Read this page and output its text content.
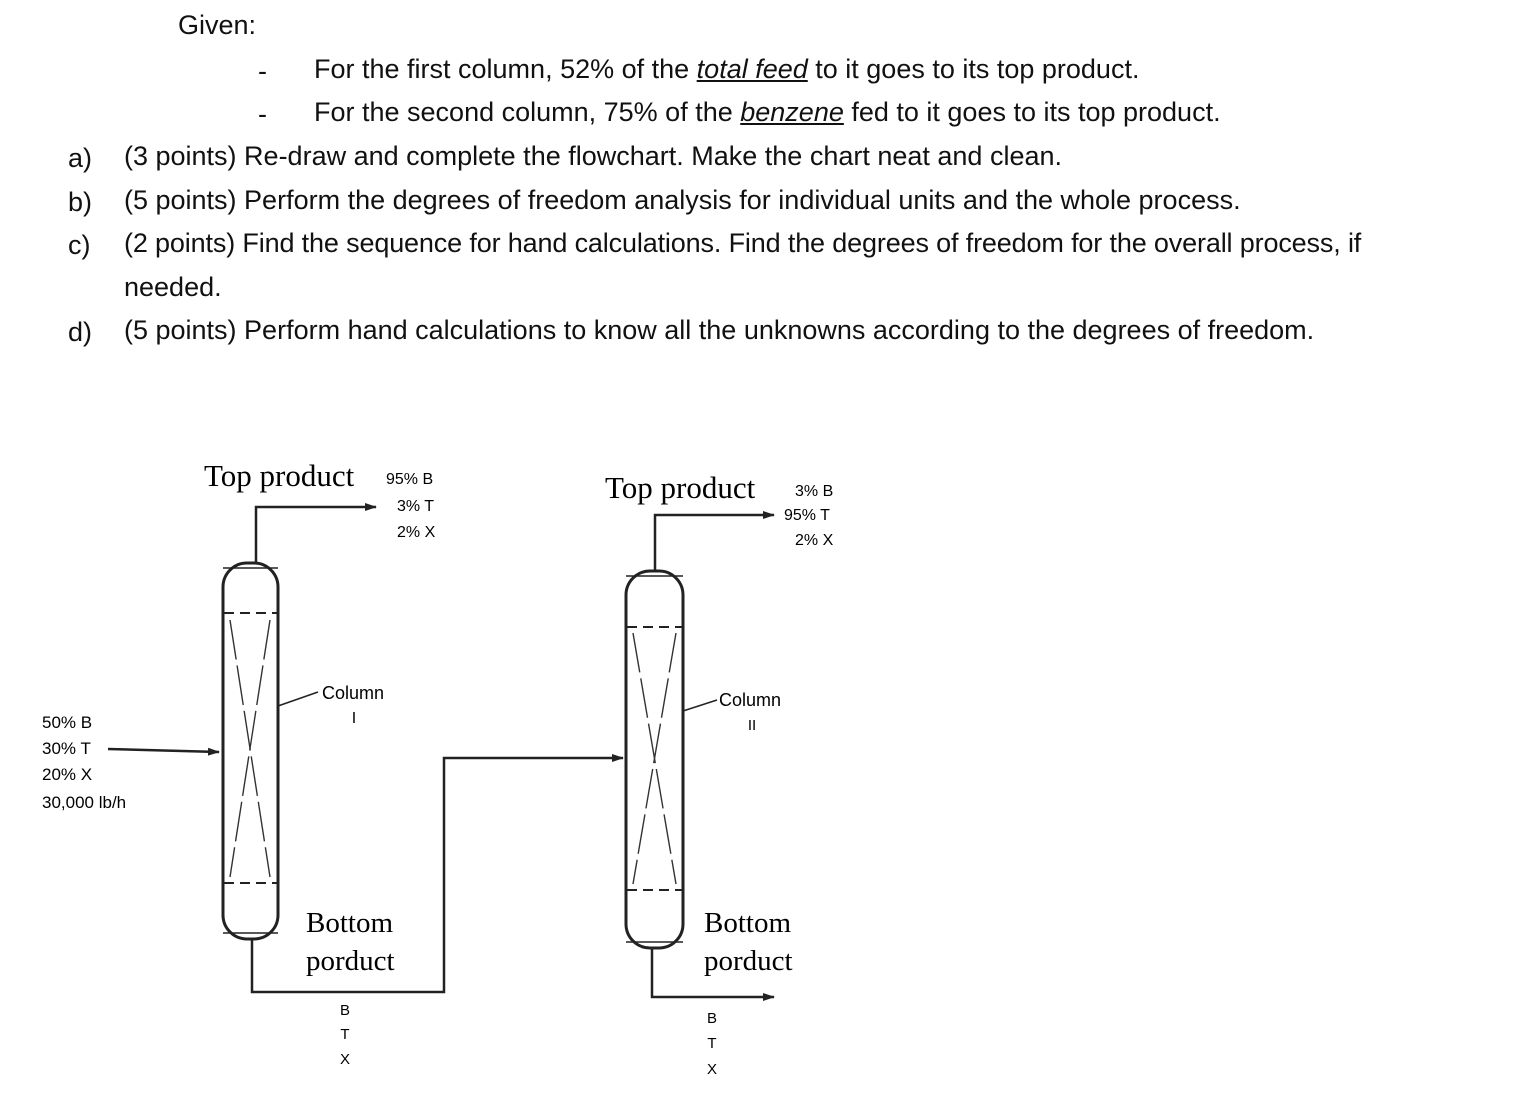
Given:
- For the first column, 52% of the total feed to it goes to its top product.
- For the second column, 75% of the benzene fed to it goes to its top product.
a) (3 points) Re-draw and complete the flowchart. Make the chart neat and clean.
b) (5 points) Perform the degrees of freedom analysis for individual units and the whole process.
c) (2 points) Find the sequence for hand calculations. Find the degrees of freedom for the overall process, if
needed.
d) (5 points) Perform hand calculations to know all the unknowns according to the degrees of freedom.
50% B
30% T
20% X
30,000 lb/h
Column
I
Top product 95% B
3% T
2% X
Bottom
porduct
B
T
X
Column
II
Top product 3% B
95% T
2% X
Bottom
porduct
B
T
X
